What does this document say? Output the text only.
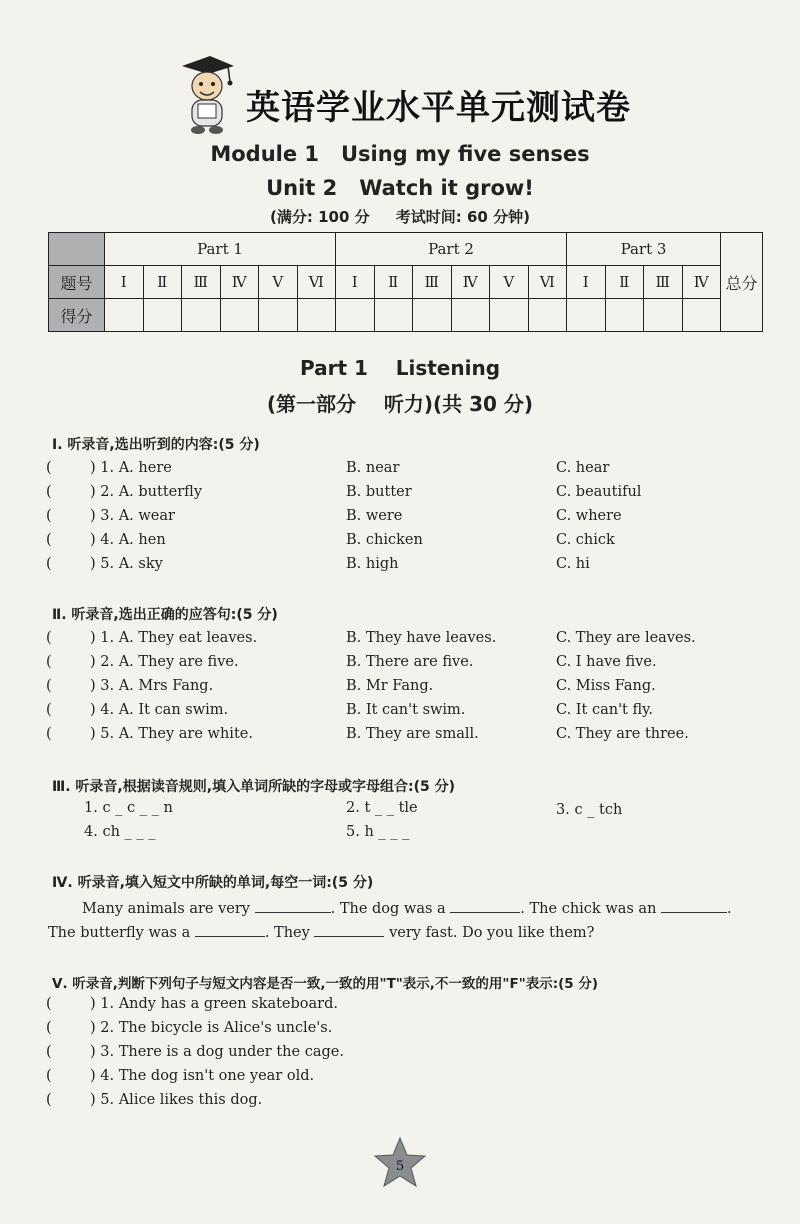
英语学业水平单元测试卷
Module 1   Using my five senses
Unit 2   Watch it grow!
(满分: 100 分     考试时间: 60 分钟)
	Part 1						Part 2						Part 3				总分
题号	Ⅰ	Ⅱ	Ⅲ	Ⅳ	Ⅴ	Ⅵ	Ⅰ	Ⅱ	Ⅲ	Ⅳ	Ⅴ	Ⅵ	Ⅰ	Ⅱ	Ⅲ	Ⅳ	
得分																	
Part 1    Listening
(第一部分    听力)(共 30 分)
Ⅰ. 听录音,选出听到的内容:(5 分)
(	) 1. A. here	B. near	C. hear
(	) 2. A. butterfly	B. butter	C. beautiful
(	) 3. A. wear	B. were	C. where
(	) 4. A. hen	B. chicken	C. chick
(	) 5. A. sky	B. high	C. hi
Ⅱ. 听录音,选出正确的应答句:(5 分)
(	) 1. A. They eat leaves.	B. They have leaves.	C. They are leaves.
(	) 2. A. They are five.	B. There are five.	C. I have five.
(	) 3. A. Mrs Fang.	B. Mr Fang.	C. Miss Fang.
(	) 4. A. It can swim.	B. It can't swim.	C. It can't fly.
(	) 5. A. They are white.	B. They are small.	C. They are three.
Ⅲ. 听录音,根据读音规则,填入单词所缺的字母或字母组合:(5 分)
1. c _ c _ _ n	2. t _ _ tle	3. c _ tch
4. ch _ _ _	5. h _ _ _
Ⅳ. 听录音,填入短文中所缺的单词,每空一词:(5 分)
Many animals are very	. The dog was a	. The chick was an	.
The butterfly was a	. They	very fast. Do you like them?
Ⅴ. 听录音,判断下列句子与短文内容是否一致,一致的用"T"表示,不一致的用"F"表示:(5 分)
(	) 1. Andy has a green skateboard.
(	) 2. The bicycle is Alice's uncle's.
(	) 3. There is a dog under the cage.
(	) 4. The dog isn't one year old.
(	) 5. Alice likes this dog.
5
